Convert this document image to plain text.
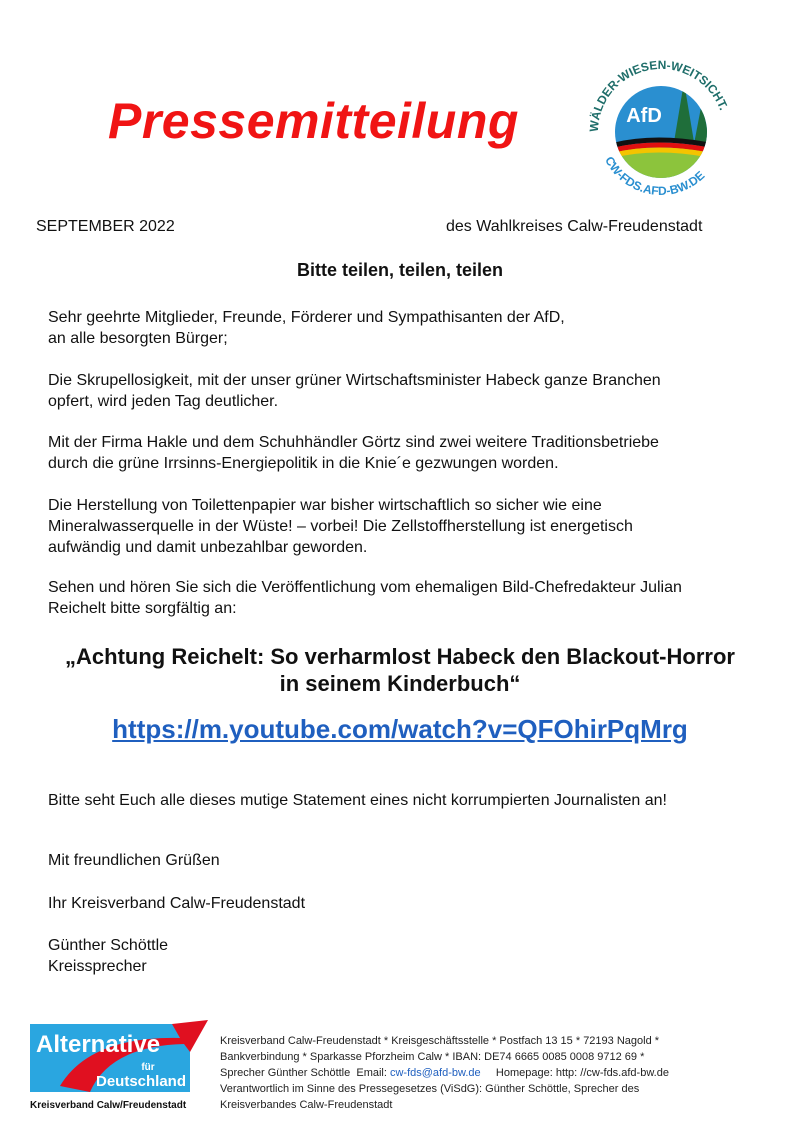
Pressemitteilung	AfD
WÄLDER-WIESEN-WEITSICHT.
CW-FDS.AFD-BW.DE
SEPTEMBER 2022	des Wahlkreises Calw-Freudenstadt
Bitte teilen, teilen, teilen
Sehr geehrte Mitglieder, Freunde, Förderer und Sympathisanten der AfD,
an alle besorgten Bürger;
Die Skrupellosigkeit, mit der unser grüner Wirtschaftsminister Habeck ganze Branchen
opfert, wird jeden Tag deutlicher.
Mit der Firma Hakle und dem Schuhhändler Görtz sind zwei weitere Traditionsbetriebe
durch die grüne Irrsinns-Energiepolitik in die Knie´e gezwungen worden.
Die Herstellung von Toilettenpapier war bisher wirtschaftlich so sicher wie eine
Mineralwasserquelle in der Wüste! – vorbei! Die Zellstoffherstellung ist energetisch
aufwändig und damit unbezahlbar geworden.
Sehen und hören Sie sich die Veröffentlichung vom ehemaligen Bild-Chefredakteur Julian
Reichelt bitte sorgfältig an:
„Achtung Reichelt: So verharmlost Habeck den Blackout-Horror
in seinem Kinderbuch“
https://m.youtube.com/watch?v=QFOhirPqMrg
Bitte seht Euch alle dieses mutige Statement eines nicht korrumpierten Journalisten an!
Mit freundlichen Grüßen
Ihr Kreisverband Calw-Freudenstadt
Günther Schöttle
Kreissprecher
Alternative
für
Deutschland
Kreisverband Calw/Freudenstadt
Kreisverband Calw-Freudenstadt * Kreisgeschäftsstelle * Postfach 13 15 * 72193 Nagold *
Bankverbindung * Sparkasse Pforzheim Calw * IBAN: DE74 6665 0085 0008 9712 69 *
Sprecher Günther Schöttle  Email: cw-fds@afd-bw.de     Homepage: http: //cw-fds.afd-bw.de
Verantwortlich im Sinne des Pressegesetzes (ViSdG): Günther Schöttle, Sprecher des
Kreisverbandes Calw-Freudenstadt
